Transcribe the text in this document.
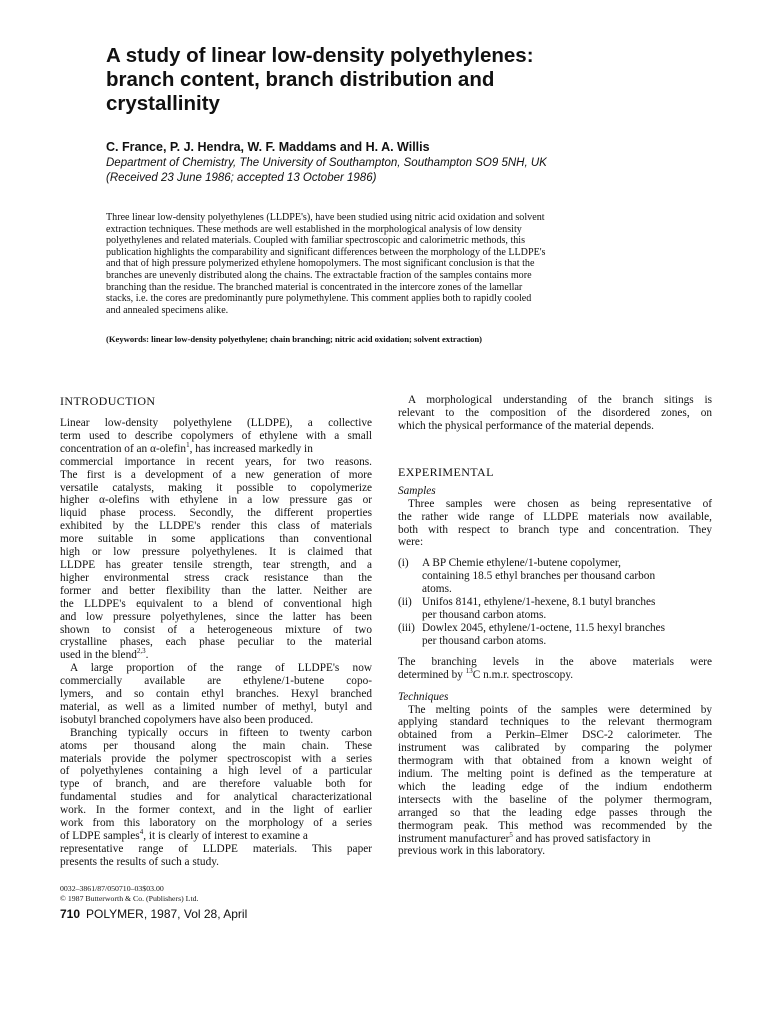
A study of linear low-density polyethylenes:
branch content, branch distribution and
crystallinity
C. France, P. J. Hendra, W. F. Maddams and H. A. Willis
Department of Chemistry, The University of Southampton, Southampton SO9 5NH, UK
(Received 23 June 1986; accepted 13 October 1986)
Three linear low-density polyethylenes (LLDPE's), have been studied using nitric acid oxidation and solvent
extraction techniques. These methods are well established in the morphological analysis of low density
polyethylenes and related materials. Coupled with familiar spectroscopic and calorimetric methods, this
publication highlights the comparability and significant differences between the morphology of the LLDPE's
and that of high pressure polymerized ethylene homopolymers. The most significant conclusion is that the
branches are unevenly distributed along the chains. The extractable fraction of the samples contains more
branching than the residue. The branched material is concentrated in the intercore zones of the lamellar
stacks, i.e. the cores are predominantly pure polymethylene. This comment applies both to rapidly cooled
and annealed specimens alike.
(Keywords: linear low-density polyethylene; chain branching; nitric acid oxidation; solvent extraction)
INTRODUCTION
Linear low-density polyethylene (LLDPE), a collective
term used to describe copolymers of ethylene with a small
concentration of an α-olefin$^1$, has increased markedly in
commercial importance in recent years, for two reasons.
The first is a development of a new generation of more
versatile catalysts, making it possible to copolymerize
higher α-olefins with ethylene in a low pressure gas or
liquid phase process. Secondly, the different properties
exhibited by the LLDPE's render this class of materials
more suitable in some applications than conventional
high or low pressure polyethylenes. It is claimed that
LLDPE has greater tensile strength, tear strength, and a
higher environmental stress crack resistance than the
former and better flexibility than the latter. Neither are
the LLDPE's equivalent to a blend of conventional high
and low pressure polyethylenes, since the latter has been
shown to consist of a heterogeneous mixture of two
crystalline phases, each phase peculiar to the material
used in the blend$^{2,3}$.
A large proportion of the range of LLDPE's now
commercially available are ethylene/1-butene copo-
lymers, and so contain ethyl branches. Hexyl branched
material, as well as a limited number of methyl, butyl and
isobutyl branched copolymers have also been produced.
Branching typically occurs in fifteen to twenty carbon
atoms per thousand along the main chain. These
materials provide the polymer spectroscopist with a series
of polyethylenes containing a high level of a particular
type of branch, and are therefore valuable both for
fundamental studies and for analytical characterizational
work. In the former context, and in the light of earlier
work from this laboratory on the morphology of a series
of LDPE samples$^4$, it is clearly of interest to examine a
representative range of LLDPE materials. This paper
presents the results of such a study.
A morphological understanding of the branch sitings is
relevant to the composition of the disordered zones, on
which the physical performance of the material depends.
EXPERIMENTAL
Samples
Three samples were chosen as being representative of
the rather wide range of LLDPE materials now available,
both with respect to branch type and concentration. They
were:
(i) A BP Chemie ethylene/1-butene copolymer,
containing 18.5 ethyl branches per thousand carbon
atoms.
(ii) Unifos 8141, ethylene/1-hexene, 8.1 butyl branches
per thousand carbon atoms.
(iii) Dowlex 2045, ethylene/1-octene, 11.5 hexyl branches
per thousand carbon atoms.
The branching levels in the above materials were
determined by $^{13}$C n.m.r. spectroscopy.
Techniques
The melting points of the samples were determined by
applying standard techniques to the relevant thermogram
obtained from a Perkin–Elmer DSC-2 calorimeter. The
instrument was calibrated by comparing the polymer
thermogram with that obtained from a known weight of
indium. The melting point is defined as the temperature at
which the leading edge of the indium endotherm
intersects with the baseline of the polymer thermogram,
arranged so that the leading edge passes through the
thermogram peak. This method was recommended by the
instrument manufacturer$^5$ and has proved satisfactory in
previous work in this laboratory.
0032–3861/87/050710–03$03.00
© 1987 Butterworth & Co. (Publishers) Ltd.
710 POLYMER, 1987, Vol 28, April
